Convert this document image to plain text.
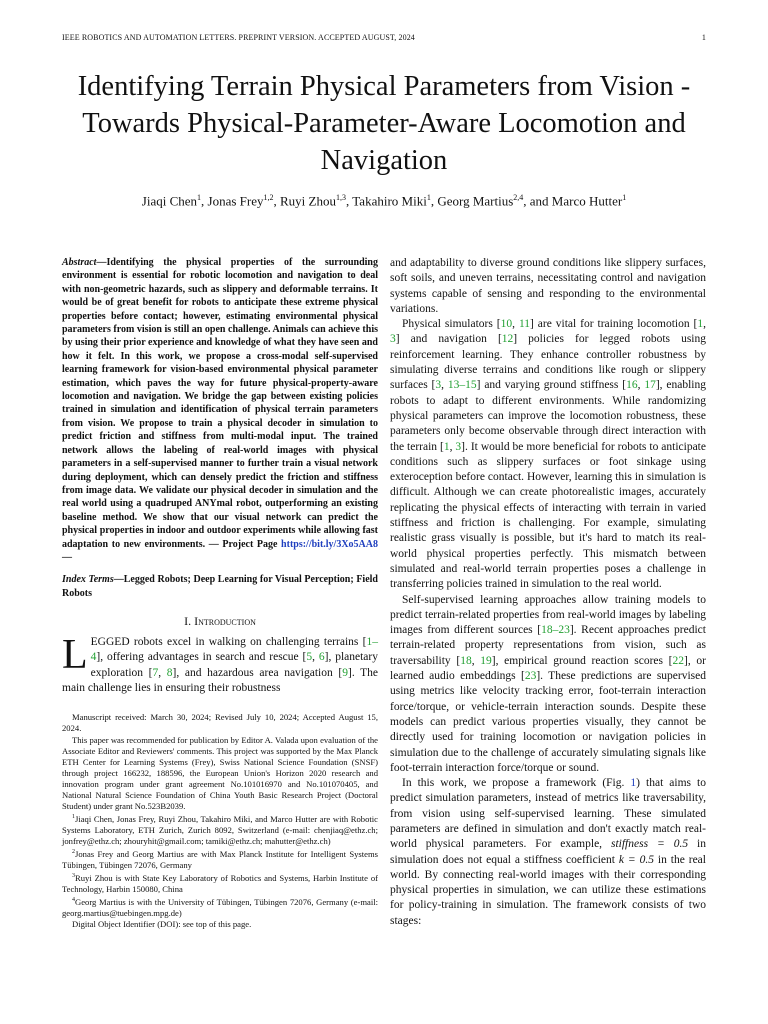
IEEE ROBOTICS AND AUTOMATION LETTERS. PREPRINT VERSION. ACCEPTED AUGUST, 2024	1
Identifying Terrain Physical Parameters from Vision - Towards Physical-Parameter-Aware Locomotion and Navigation
Jiaqi Chen$^1$, Jonas Frey$^{1,2}$, Ruyi Zhou$^{1,3}$, Takahiro Miki$^1$, Georg Martius$^{2,4}$, and Marco Hutter$^1$

Abstract—Identifying the physical properties of the surrounding environment is essential for robotic locomotion and navigation to deal with non-geometric hazards, such as slippery and deformable terrains. It would be of great benefit for robots to anticipate these extreme physical properties before contact; however, estimating environmental physical parameters from vision is still an open challenge. Animals can achieve this by using their prior experience and knowledge of what they have seen and how it felt. In this work, we propose a cross-modal self-supervised learning framework for vision-based environmental physical parameter estimation, which paves the way for future physical-property-aware locomotion and navigation. We bridge the gap between existing policies trained in simulation and identification of physical terrain parameters from vision. We propose to train a physical decoder in simulation to predict friction and stiffness from multi-modal input. The trained network allows the labeling of real-world images with physical parameters in a self-supervised manner to further train a visual network during deployment, which can densely predict the friction and stiffness from image data. We validate our physical decoder in simulation and the real world using a quadruped ANYmal robot, outperforming an existing baseline method. We show that our visual network can predict the physical properties in indoor and outdoor experiments while allowing fast adaptation to new environments. — Project Page https://bit.ly/3Xo5AA8 —

Index Terms—Legged Robots; Deep Learning for Visual Perception; Field Robots

I. Introduction

LEGGED robots excel in walking on challenging terrains [1–4], offering advantages in search and rescue [5, 6], planetary exploration [7, 8], and hazardous area navigation [9]. The main challenge lies in ensuring their robustness

Manuscript received: March 30, 2024; Revised July 10, 2024; Accepted August 15, 2024.

This paper was recommended for publication by Editor A. Valada upon evaluation of the Associate Editor and Reviewers' comments. This project was supported by the Max Planck ETH Center for Learning Systems (Frey), Swiss National Science Foundation (SNSF) through project 166232, 188596, the European Union's Horizon 2020 research and innovation program under grant agreement No.101016970 and No.101070405, and National Natural Science Foundation of China Youth Basic Research Project (Doctoral Student) under grant No.523B2039.

$^1$Jiaqi Chen, Jonas Frey, Ruyi Zhou, Takahiro Miki, and Marco Hutter are with Robotic Systems Laboratory, ETH Zurich, Zurich 8092, Switzerland (e-mail: chenjiaq@ethz.ch; jonfrey@ethz.ch; zhouryhit@gmail.com; tamiki@ethz.ch; mahutter@ethz.ch)

$^2$Jonas Frey and Georg Martius are with Max Planck Institute for Intelligent Systems Tübingen, Tübingen 72076, Germany

$^3$Ruyi Zhou is with State Key Laboratory of Robotics and Systems, Harbin Institute of Technology, Harbin 150080, China

$^4$Georg Martius is with the University of Tübingen, Tübingen 72076, Germany (e-mail: georg.martius@tuebingen.mpg.de)

Digital Object Identifier (DOI): see top of this page.

and adaptability to diverse ground conditions like slippery surfaces, soft soils, and uneven terrains, necessitating control and navigation systems capable of sensing and responding to the environmental variations.

Physical simulators [10, 11] are vital for training locomotion [1, 3] and navigation [12] policies for legged robots using reinforcement learning. They enhance controller robustness by simulating diverse terrains and conditions like rough or slippery surfaces [3, 13–15] and varying ground stiffness [16, 17], enabling robots to adapt to different environments. While randomizing physical parameters can improve the locomotion robustness, these parameters only become observable through direct interaction with the terrain [1, 3]. It would be more beneficial for robots to anticipate conditions such as slippery surfaces or foot sinkage using exteroception before contact. However, learning this in simulation is difficult. Although we can create photorealistic images, accurately replicating the physical effects of interacting with terrain in varied stiffness and friction is challenging. For example, simulating realistic grass visually is possible, but it's hard to match its real-world physical properties perfectly. This mismatch between simulated and real-world terrain properties poses a challenge in transferring policies trained in simulation to the real world.

Self-supervised learning approaches allow training models to predict terrain-related properties from real-world images by labeling images from different sources [18–23]. Recent approaches predict terrain-related property representations from vision, such as traversability [18, 19], empirical ground reaction scores [22], or learned audio embeddings [23]. These predictions are supervised using metrics like velocity tracking error, foot-terrain interaction force/torque, or vehicle-terrain interaction sounds. Despite these models can predict various properties visually, they cannot be directly used for training locomotion or navigation policies in simulation due to the challenge of accurately simulating signals like foot-terrain interaction force/torque or sound.

In this work, we propose a framework (Fig. 1) that aims to predict simulation parameters, instead of metrics like traversability, from vision using self-supervised learning. These simulated parameters are defined in simulation and don't exactly match real-world physical parameters. For example, stiffness = 0.5 in simulation does not equal a stiffness coefficient k = 0.5 in the real world. By connecting real-world images with their corresponding physical properties in simulation, we can utilize these estimations for policy-training in simulation. The framework consists of two stages:
